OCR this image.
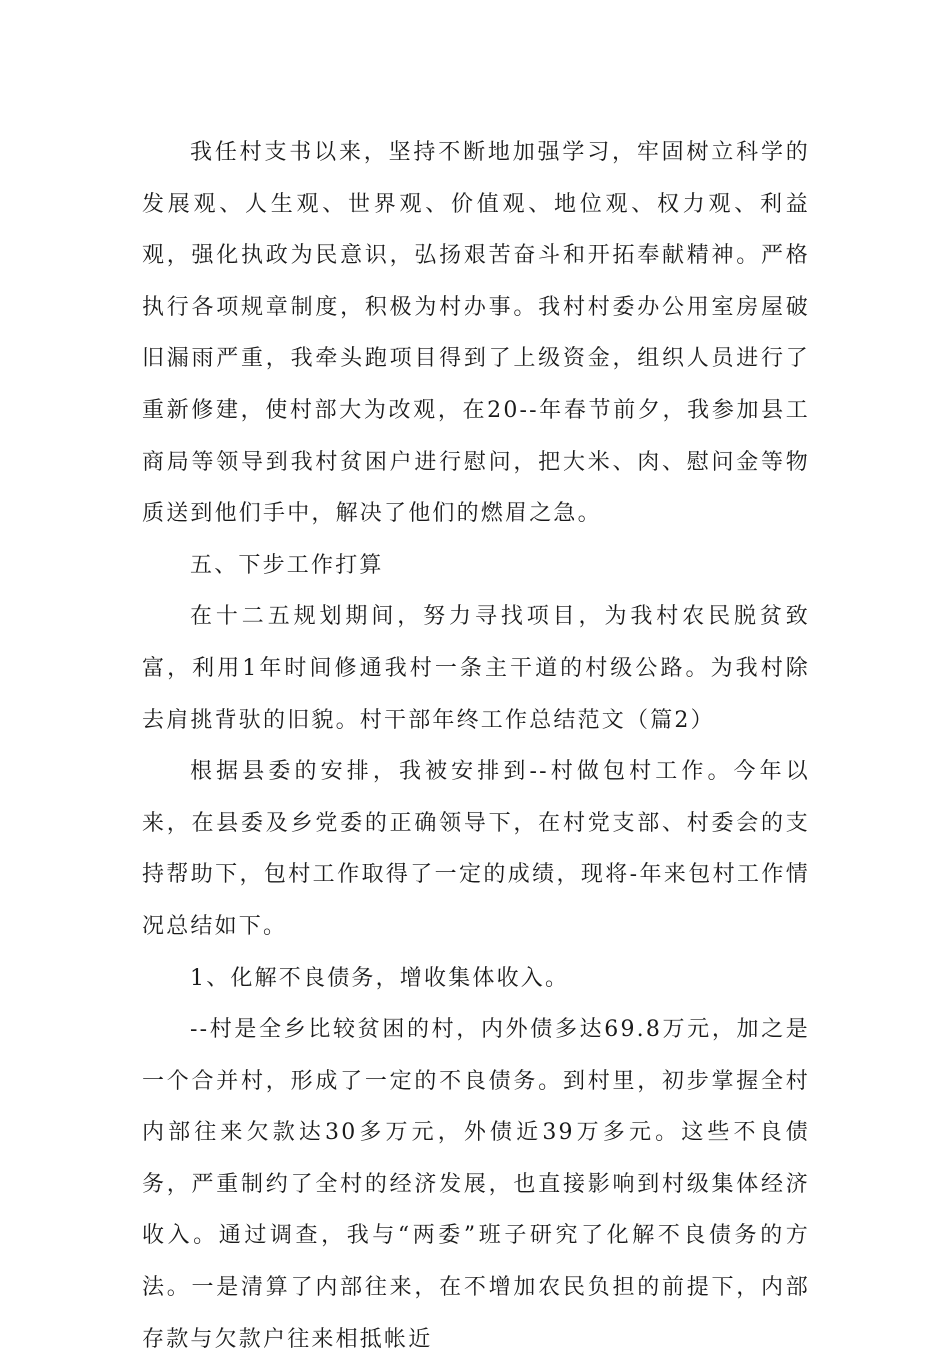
我任村支书以来，坚持不断地加强学习，牢固树立科学的发展观、人生观、世界观、价值观、地位观、权力观、利益观，强化执政为民意识，弘扬艰苦奋斗和开拓奉献精神。严格执行各项规章制度，积极为村办事。我村村委办公用室房屋破旧漏雨严重，我牵头跑项目得到了上级资金，组织人员进行了重新修建，使村部大为改观，在20--年春节前夕，我参加县工商局等领导到我村贫困户进行慰问，把大米、肉、慰问金等物质送到他们手中，解决了他们的燃眉之急。

五、下步工作打算

在十二五规划期间，努力寻找项目，为我村农民脱贫致富，利用1年时间修通我村一条主干道的村级公路。为我村除去肩挑背驮的旧貌。村干部年终工作总结范文（篇2）

根据县委的安排，我被安排到--村做包村工作。今年以来，在县委及乡党委的正确领导下，在村党支部、村委会的支持帮助下，包村工作取得了一定的成绩，现将-年来包村工作情况总结如下。

1、化解不良债务，增收集体收入。

--村是全乡比较贫困的村，内外债多达69.8万元，加之是一个合并村，形成了一定的不良债务。到村里，初步掌握全村内部往来欠款达30多万元，外债近39万多元。这些不良债务，严重制约了全村的经济发展，也直接影响到村级集体经济收入。通过调查，我与“两委”班子研究了化解不良债务的方法。一是清算了内部往来，在不增加农民负担的前提下，内部存款与欠款户往来相抵帐近
